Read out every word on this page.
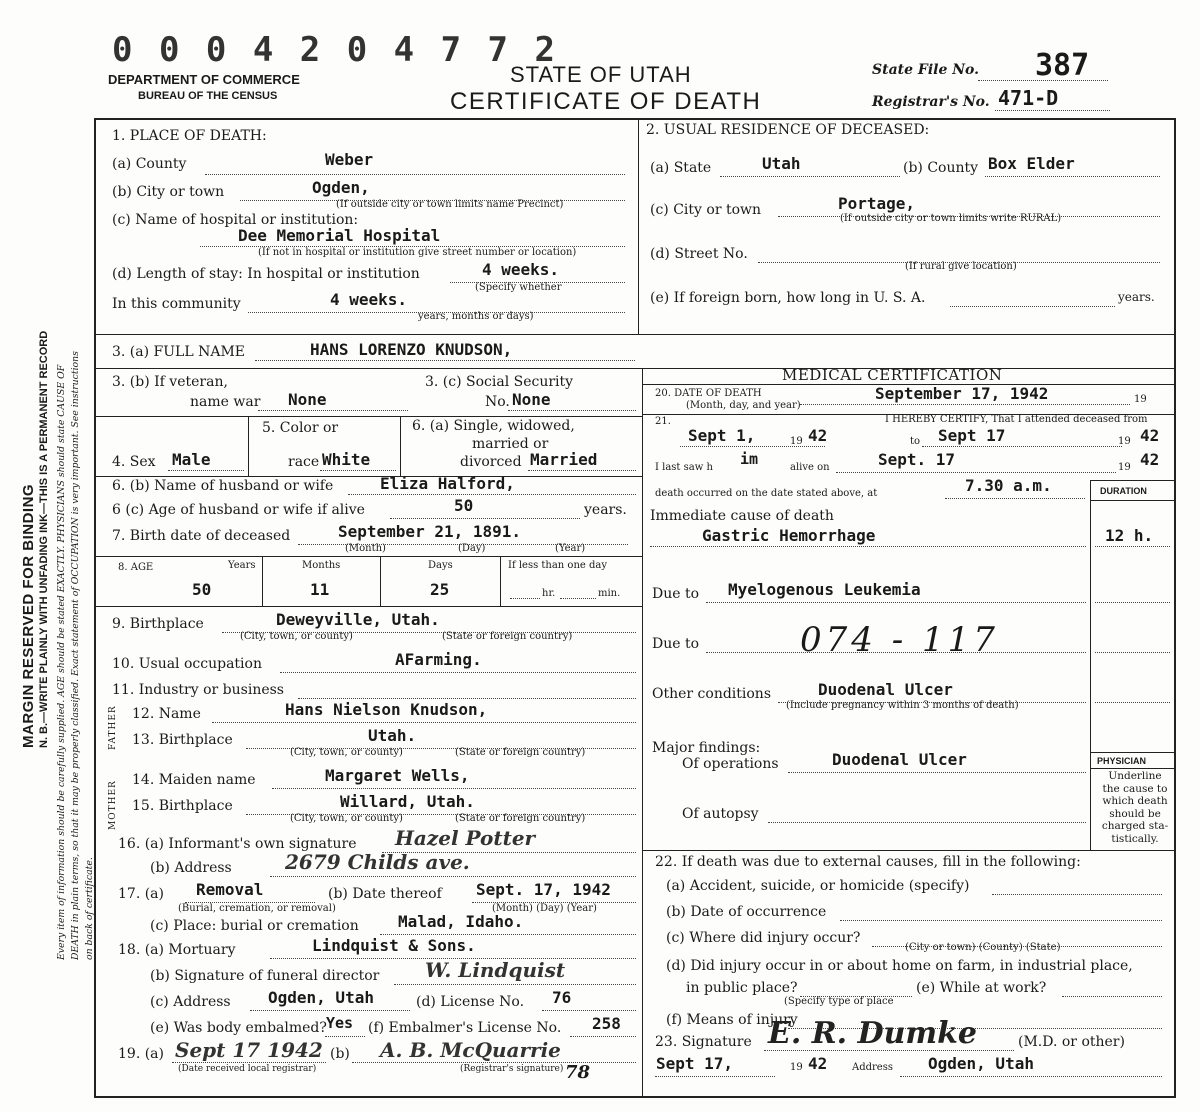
MARGIN RESERVED FOR BINDING N. B.—WRITE PLAINLY WITH UNFADING INK—THIS IS A PERMANENT RECORD Every item of information should be carefully supplied. AGE should be stated EXACTLY. PHYSICIANS should state CAUSE OF DEATH in plain terms, so that it may be properly classified. Exact statement of OCCUPATION is very important. See instructions on back of certificate.
0 0 0 4 2 0 4 7 7 2
DEPARTMENT OF COMMERCE
BUREAU OF THE CENSUS
STATE OF UTAH
CERTIFICATE OF DEATH
State File No. 387
Registrar's No. 471-D
1. PLACE OF DEATH:
(a) County	Weber
(b) City or town	Ogden,
(If outside city or town limits name Precinct)
(c) Name of hospital or institution:
Dee Memorial Hospital
(If not in hospital or institution give street number or location)
(d) Length of stay: In hospital or institution	4 weeks.
(Specify whether
In this community	4 weeks.
years, months or days)
2. USUAL RESIDENCE OF DECEASED:
(a) State	Utah	(b) County Box Elder
(c) City or town	Portage,
(If outside city or town limits write RURAL)
(d) Street No.
(If rural give location)
(e) If foreign born, how long in U. S. A.	years.
3. (a) FULL NAME	HANS LORENZO KNUDSON,
3. (b) If veteran,
name war None
3. (c) Social Security
No. None
4. Sex Male
5. Color or
race White
6. (a) Single, widowed,
married or
divorced Married
6. (b) Name of husband or wife	Eliza Halford,
6 (c) Age of husband or wife if alive	50	years.
7. Birth date of deceased	September 21, 1891.
(Month)	(Day)	(Year)
8. AGE	Years	Months	Days	If less than one day
50	11	25	hr.	min.
9. Birthplace	Deweyville, Utah.
(City, town, or county)	(State or foreign country)
10. Usual occupation	AFarming.
11. Industry or business
FATHER
MOTHER
12. Name	Hans Nielson Knudson,
13. Birthplace	Utah.
(City, town, or county)	(State or foreign country)
14. Maiden name	Margaret Wells,
15. Birthplace	Willard, Utah.
(City, town, or county)	(State or foreign country)
16. (a) Informant's own signature Hazel Potter
(b) Address	2679 Childs ave.
17. (a) Removal
(Burial, cremation, or removal)
(b) Date thereof Sept. 17, 1942
(Month) (Day) (Year)
(c) Place: burial or cremation Malad, Idaho.
18. (a) Mortuary	Lindquist & Sons.
(b) Signature of funeral director W. Lindquist
(c) Address Ogden, Utah	(d) License No. 76
(e) Was body embalmed? Yes (f) Embalmer's License No. 258
19. (a) Sept 17 1942
(Date received local registrar)
(b) A. B. McQuarrie
(Registrar's signature) 78
MEDICAL CERTIFICATION
20. DATE OF DEATH
(Month, day, and year)
September 17, 1942	19
21.	I HEREBY CERTIFY, That I attended deceased from
Sept 1,	19 42	to Sept 17	19 42
I last saw h im	alive on	Sept. 17	19 42
death occurred on the date stated above, at	7.30 a.m.	DURATION
Immediate cause of death
Gastric Hemorrhage	12 h.
Due to Myelogenous Leukemia
Due to	074 - 117
Other conditions	Duodenal Ulcer
(Include pregnancy within 3 months of death)
Major findings:
Of operations	Duodenal Ulcer
Of autopsy
PHYSICIAN
Underline
the cause to
which death
should be
charged sta-
tistically.
22. If death was due to external causes, fill in the following:
(a) Accident, suicide, or homicide (specify)
(b) Date of occurrence
(c) Where did injury occur?
(City or town) (County) (State)
(d) Did injury occur in or about home on farm, in industrial place,
in public place?
(Specify type of place
(e) While at work?
(f) Means of injury
23. Signature E. R. Dumke	(M.D. or other)
Sept 17,	19 42 Address Ogden, Utah
